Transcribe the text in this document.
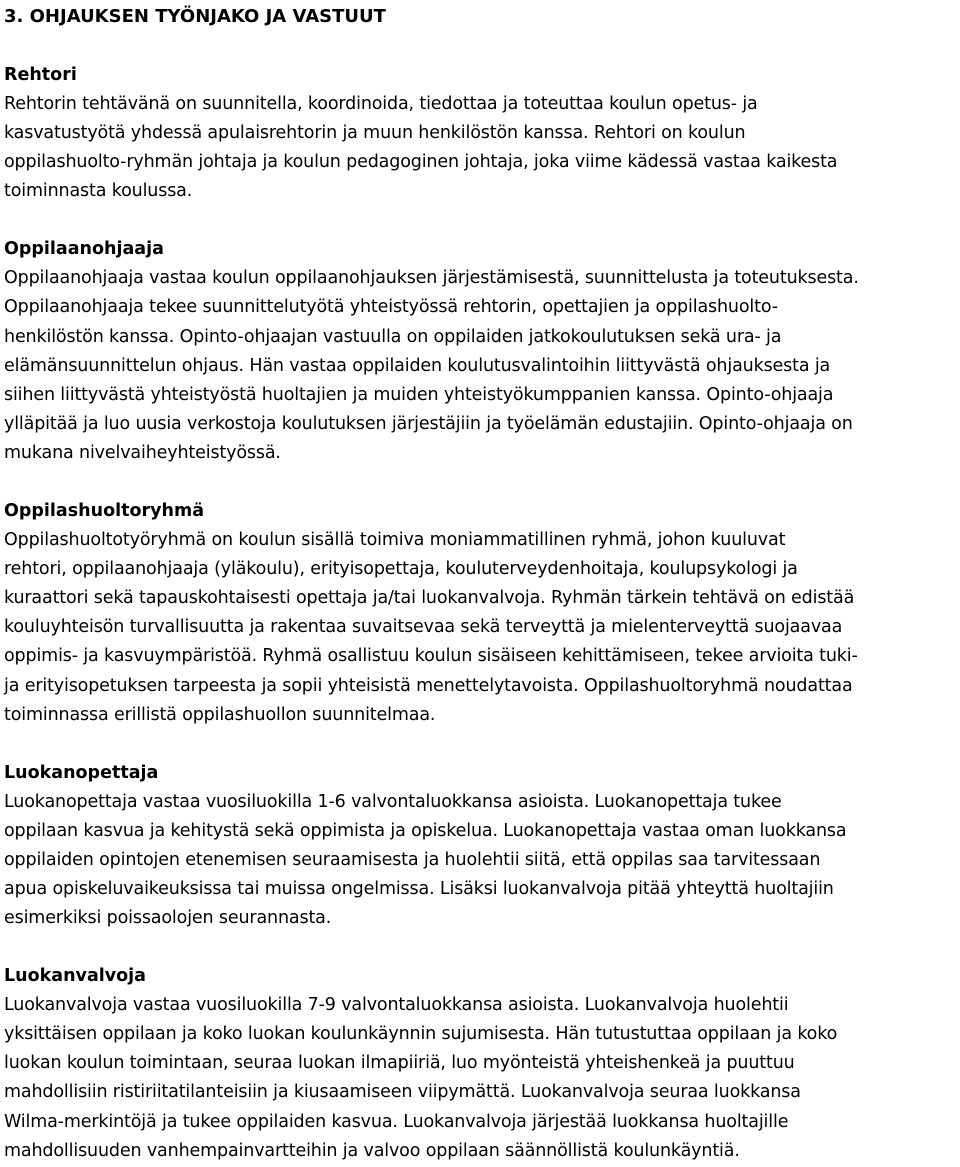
3. OHJAUKSEN TYÖNJAKO JA VASTUUT
Rehtori
Rehtorin tehtävänä on suunnitella, koordinoida, tiedottaa ja toteuttaa koulun opetus- ja
kasvatustyötä yhdessä apulaisrehtorin ja muun henkilöstön kanssa. Rehtori on koulun
oppilashuolto-ryhmän johtaja ja koulun pedagoginen johtaja, joka viime kädessä vastaa kaikesta
toiminnasta koulussa.
Oppilaanohjaaja
Oppilaanohjaaja vastaa koulun oppilaanohjauksen järjestämisestä, suunnittelusta ja toteutuksesta.
Oppilaanohjaaja tekee suunnittelutyötä yhteistyössä rehtorin, opettajien ja oppilashuolto-
henkilöstön kanssa. Opinto-ohjaajan vastuulla on oppilaiden jatkokoulutuksen sekä ura- ja
elämänsuunnittelun ohjaus. Hän vastaa oppilaiden koulutusvalintoihin liittyvästä ohjauksesta ja
siihen liittyvästä yhteistyöstä huoltajien ja muiden yhteistyökumppanien kanssa. Opinto-ohjaaja
ylläpitää ja luo uusia verkostoja koulutuksen järjestäjiin ja työelämän edustajiin. Opinto-ohjaaja on
mukana nivelvaiheyhteistyössä.
Oppilashuoltoryhmä
Oppilashuoltotyöryhmä on koulun sisällä toimiva moniammatillinen ryhmä, johon kuuluvat
rehtori, oppilaanohjaaja (yläkoulu), erityisopettaja, kouluterveydenhoitaja, koulupsykologi ja
kuraattori sekä tapauskohtaisesti opettaja ja/tai luokanvalvoja. Ryhmän tärkein tehtävä on edistää
kouluyhteisön turvallisuutta ja rakentaa suvaitsevaa sekä terveyttä ja mielenterveyttä suojaavaa
oppimis- ja kasvuympäristöä. Ryhmä osallistuu koulun sisäiseen kehittämiseen, tekee arvioita tuki-
ja erityisopetuksen tarpeesta ja sopii yhteisistä menettelytavoista. Oppilashuoltoryhmä noudattaa
toiminnassa erillistä oppilashuollon suunnitelmaa.
Luokanopettaja
Luokanopettaja vastaa vuosiluokilla 1-6 valvontaluokkansa asioista. Luokanopettaja tukee
oppilaan kasvua ja kehitystä sekä oppimista ja opiskelua. Luokanopettaja vastaa oman luokkansa
oppilaiden opintojen etenemisen seuraamisesta ja huolehtii siitä, että oppilas saa tarvitessaan
apua opiskeluvaikeuksissa tai muissa ongelmissa. Lisäksi luokanvalvoja pitää yhteyttä huoltajiin
esimerkiksi poissaolojen seurannasta.
Luokanvalvoja
Luokanvalvoja vastaa vuosiluokilla 7-9 valvontaluokkansa asioista. Luokanvalvoja huolehtii
yksittäisen oppilaan ja koko luokan koulunkäynnin sujumisesta. Hän tutustuttaa oppilaan ja koko
luokan koulun toimintaan, seuraa luokan ilmapiiriä, luo myönteistä yhteishenkeä ja puuttuu
mahdollisiin ristiriitatilanteisiin ja kiusaamiseen viipymättä. Luokanvalvoja seuraa luokkansa
Wilma-merkintöjä ja tukee oppilaiden kasvua. Luokanvalvoja järjestää luokkansa huoltajille
mahdollisuuden vanhempainvartteihin ja valvoo oppilaan säännöllistä koulunkäyntiä.
